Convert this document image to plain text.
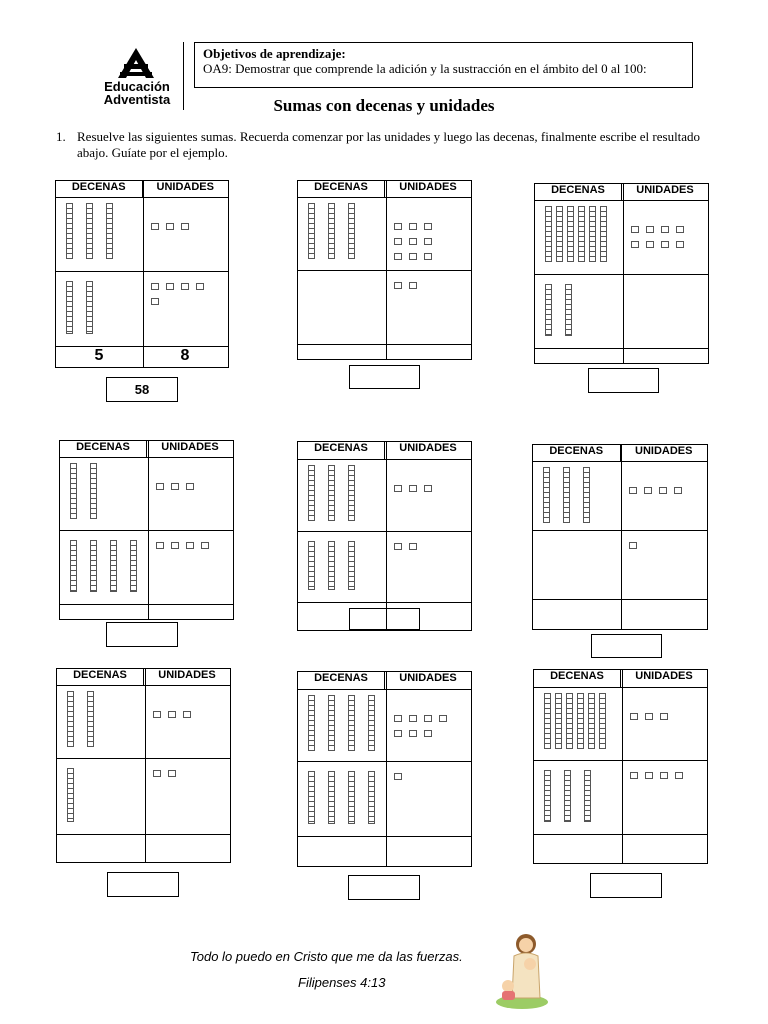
Educación
Adventista
Objetivos de aprendizaje:
OA9: Demostrar que comprende la adición y la sustracción en el ámbito del 0 al 100:
Sumas con decenas y unidades
1. Resuelve las siguientes sumas. Recuerda comenzar por las unidades y luego las decenas, finalmente escribe el resultado abajo. Guíate por el ejemplo.
DECENAS	UNIDADES
5	8
58
DECENAS	UNIDADES	DECENAS	UNIDADES
DECENAS	UNIDADES	DECENAS	UNIDADES	DECENAS	UNIDADES
DECENAS	UNIDADES	DECENAS	UNIDADES	DECENAS	UNIDADES
Todo lo puedo en Cristo que me da las fuerzas.
Filipenses 4:13
